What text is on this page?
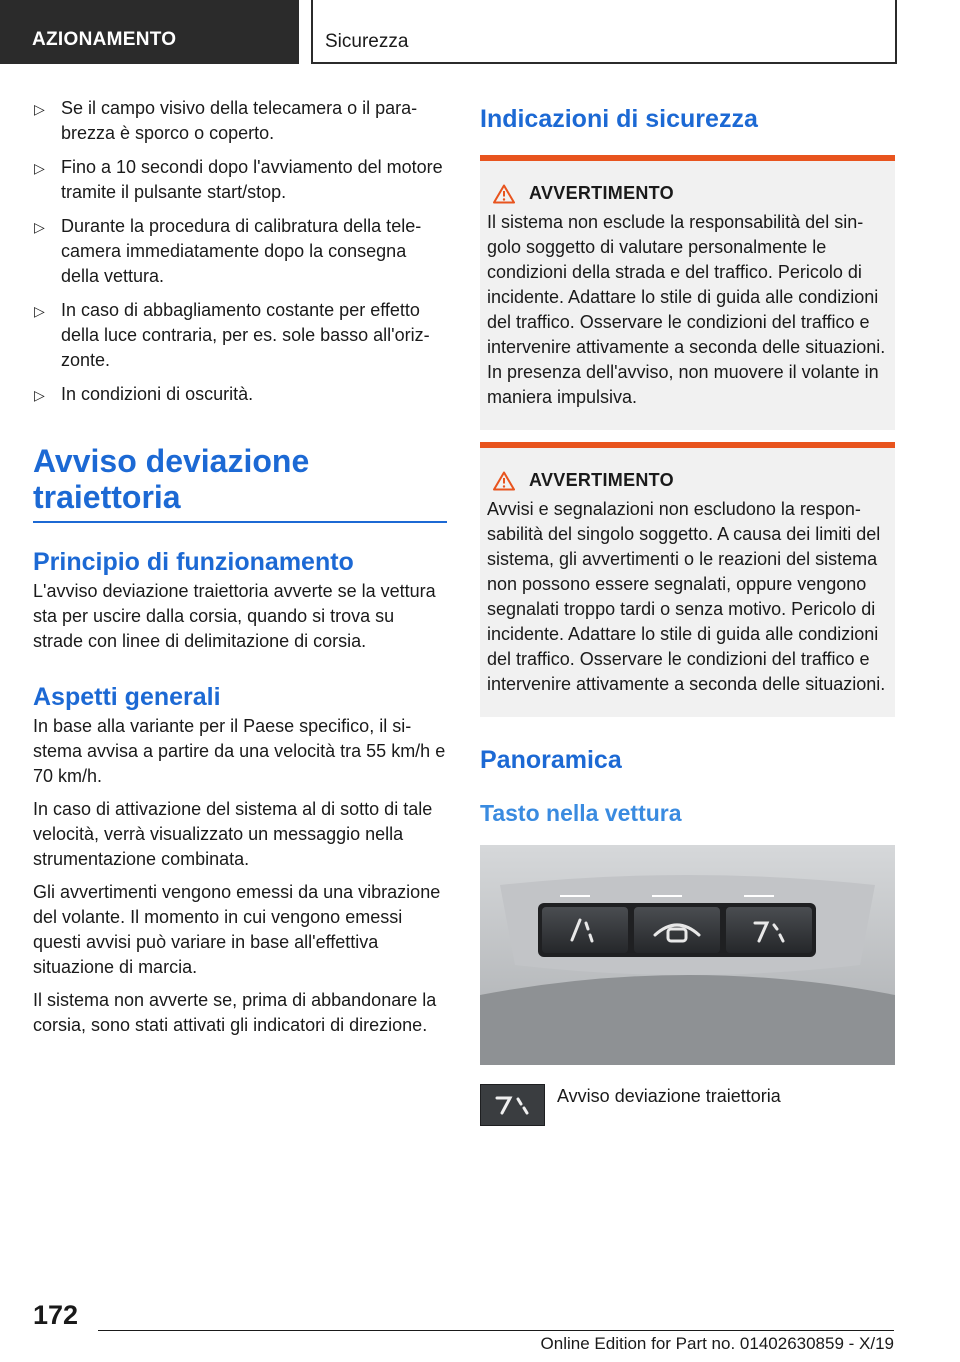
AZIONAMENTO	Sicurezza
▷ Se il campo visivo della telecamera o il parabrezza è sporco o coperto.
▷ Fino a 10 secondi dopo l'avviamento del motore tramite il pulsante start/stop.
▷ Durante la procedura di calibratura della telecamera immediatamente dopo la consegna della vettura.
▷ In caso di abbagliamento costante per effetto della luce contraria, per es. sole basso all'orizzonte.
▷ In condizioni di oscurità.
Avviso deviazione traiettoria
Principio di funzionamento

L'avviso deviazione traiettoria avverte se la vettura sta per uscire dalla corsia, quando si trova su strade con linee di delimitazione di corsia.

Aspetti generali

In base alla variante per il Paese specifico, il sistema avvisa a partire da una velocità tra 55 km/h e 70 km/h.

In caso di attivazione del sistema al di sotto di tale velocità, verrà visualizzato un messaggio nella strumentazione combinata.

Gli avvertimenti vengono emessi da una vibrazione del volante. Il momento in cui vengono emessi questi avvisi può variare in base all'effettiva situazione di marcia.

Il sistema non avverte se, prima di abbandonare la corsia, sono stati attivati gli indicatori di direzione.

Indicazioni di sicurezza
AVVERTIMENTO

Il sistema non esclude la responsabilità del singolo soggetto di valutare personalmente le condizioni della strada e del traffico. Pericolo di incidente. Adattare lo stile di guida alle condizioni del traffico. Osservare le condizioni del traffico e intervenire attivamente a seconda delle situazioni. In presenza dell'avviso, non muovere il volante in maniera impulsiva.

AVVERTIMENTO

Avvisi e segnalazioni non escludono la responsabilità del singolo soggetto. A causa dei limiti del sistema, gli avvertimenti o le reazioni del sistema non possono essere segnalati, oppure vengono segnalati troppo tardi o senza motivo. Pericolo di incidente. Adattare lo stile di guida alle condizioni del traffico. Osservare le condizioni del traffico e intervenire attivamente a seconda delle situazioni.

Panoramica
Tasto nella vettura
Avviso deviazione traiettoria
172
Online Edition for Part no. 01402630859 - X/19
